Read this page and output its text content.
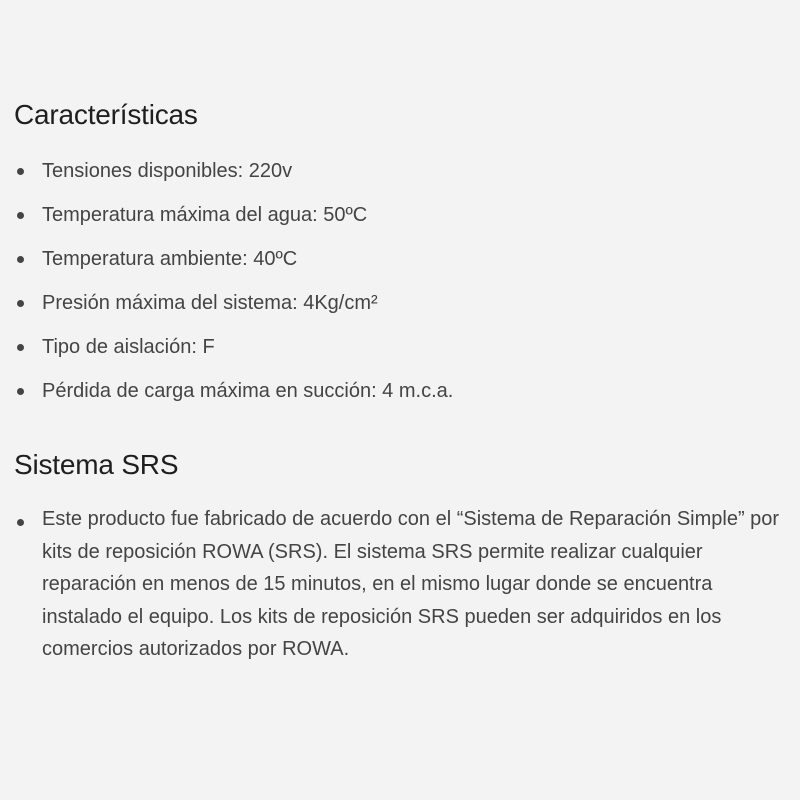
Características
Tensiones disponibles: 220v
Temperatura máxima del agua: 50ºC
Temperatura ambiente: 40ºC
Presión máxima del sistema: 4Kg/cm²
Tipo de aislación: F
Pérdida de carga máxima en succión: 4 m.c.a.
Sistema SRS
Este producto fue fabricado de acuerdo con el “Sistema de Reparación Simple” por kits de reposición ROWA (SRS). El sistema SRS permite realizar cualquier reparación en menos de 15 minutos, en el mismo lugar donde se encuentra instalado el equipo. Los kits de reposición SRS pueden ser adquiridos en los comercios autorizados por ROWA.
